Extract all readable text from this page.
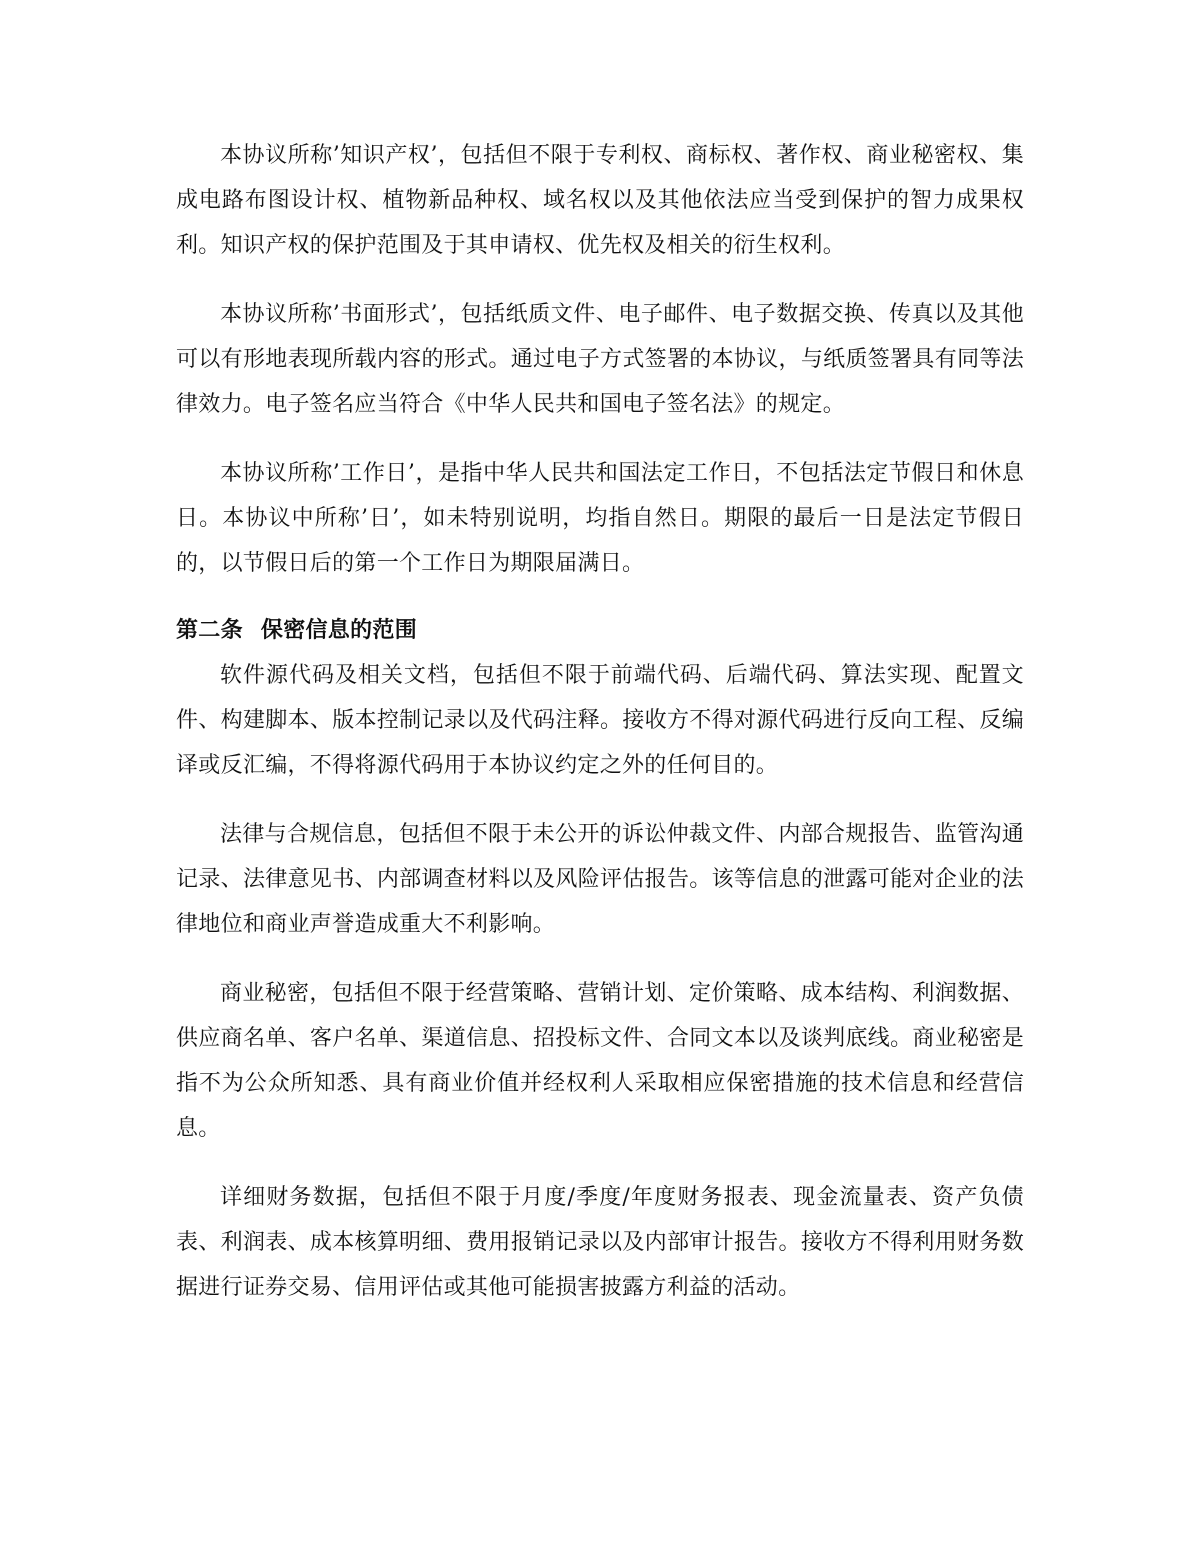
本协议所称’知识产权’，包括但不限于专利权、商标权、著作权、商业秘密权、集成电路布图设计权、植物新品种权、域名权以及其他依法应当受到保护的智力成果权利。知识产权的保护范围及于其申请权、优先权及相关的衍生权利。

本协议所称’书面形式’，包括纸质文件、电子邮件、电子数据交换、传真以及其他可以有形地表现所载内容的形式。通过电子方式签署的本协议，与纸质签署具有同等法律效力。电子签名应当符合《中华人民共和国电子签名法》的规定。

本协议所称’工作日’，是指中华人民共和国法定工作日，不包括法定节假日和休息日。本协议中所称’日’，如未特别说明，均指自然日。期限的最后一日是法定节假日的，以节假日后的第一个工作日为期限届满日。

第二条 保密信息的范围

软件源代码及相关文档，包括但不限于前端代码、后端代码、算法实现、配置文件、构建脚本、版本控制记录以及代码注释。接收方不得对源代码进行反向工程、反编译或反汇编，不得将源代码用于本协议约定之外的任何目的。

法律与合规信息，包括但不限于未公开的诉讼仲裁文件、内部合规报告、监管沟通记录、法律意见书、内部调查材料以及风险评估报告。该等信息的泄露可能对企业的法律地位和商业声誉造成重大不利影响。

商业秘密，包括但不限于经营策略、营销计划、定价策略、成本结构、利润数据、供应商名单、客户名单、渠道信息、招投标文件、合同文本以及谈判底线。商业秘密是指不为公众所知悉、具有商业价值并经权利人采取相应保密措施的技术信息和经营信息。

详细财务数据，包括但不限于月度/季度/年度财务报表、现金流量表、资产负债表、利润表、成本核算明细、费用报销记录以及内部审计报告。接收方不得利用财务数据进行证券交易、信用评估或其他可能损害披露方利益的活动。
